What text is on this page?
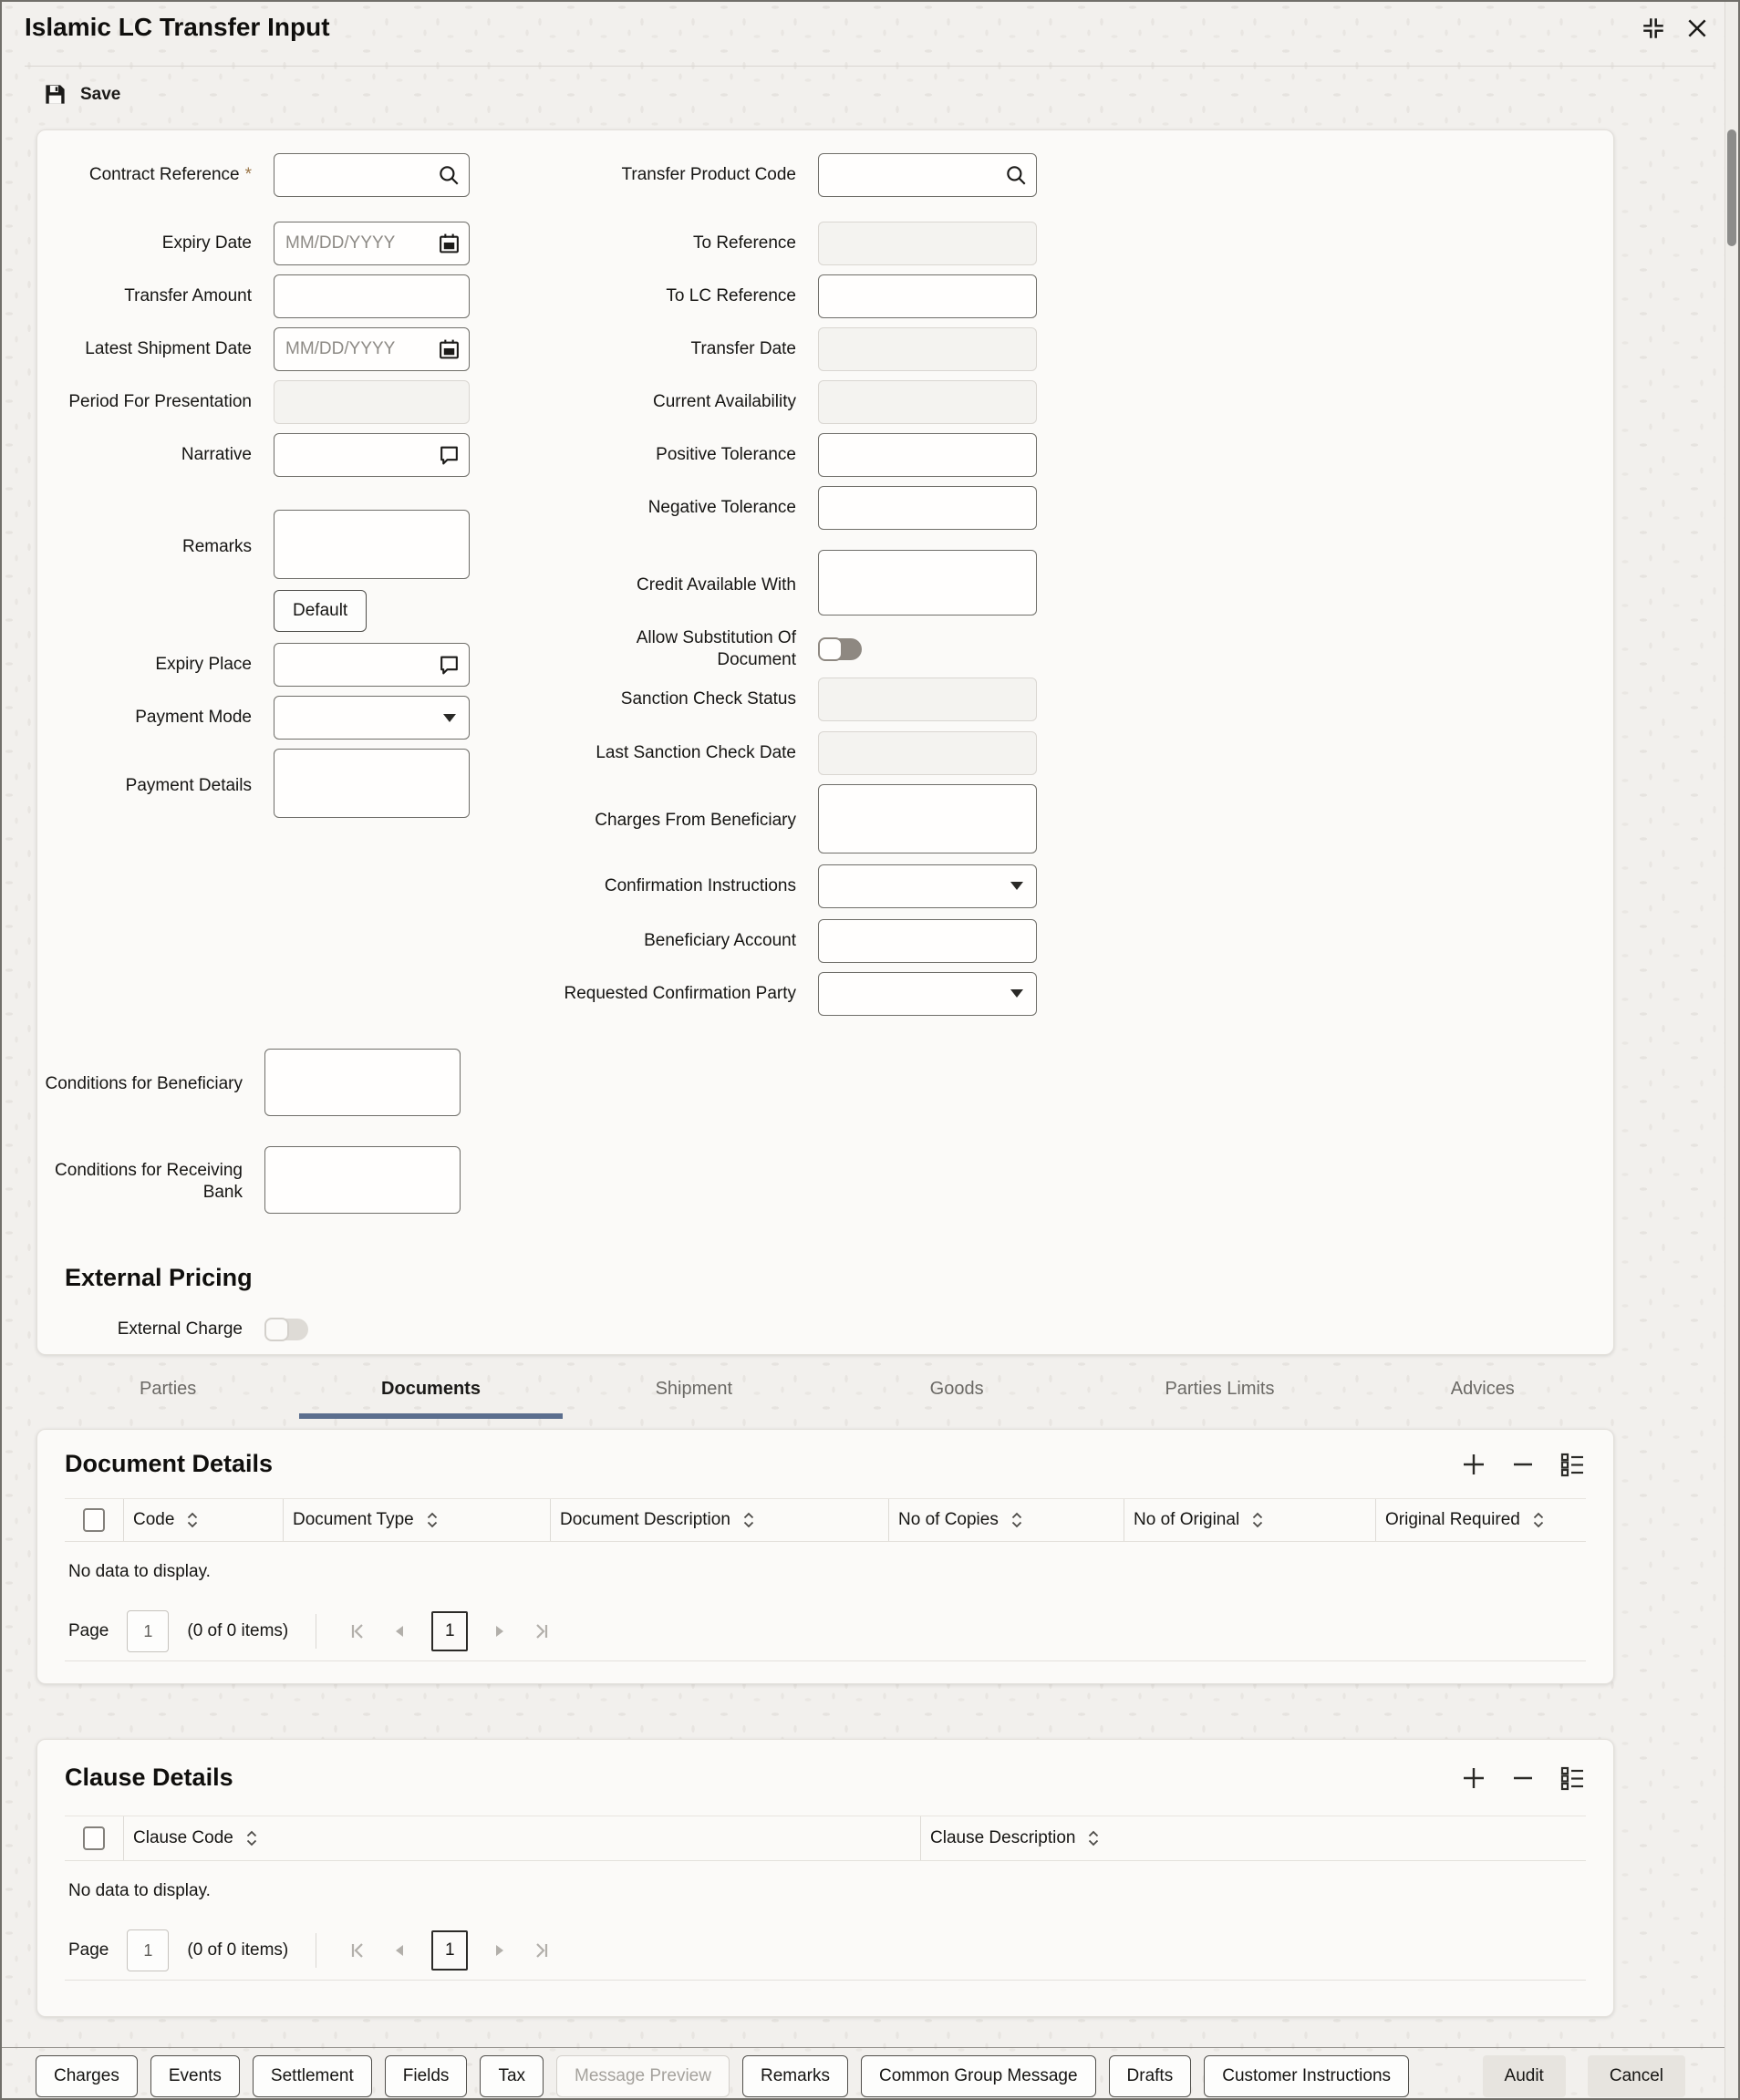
Islamic LC Transfer Input
Save
Contract Reference *
Expiry Date
MM/DD/YYYY
Transfer Amount
Latest Shipment Date
MM/DD/YYYY
Period For Presentation
Narrative
Remarks
Default
Expiry Place
Payment Mode
Payment Details
Transfer Product Code
To Reference
To LC Reference
Transfer Date
Current Availability
Positive Tolerance
Negative Tolerance
Credit Available With
Allow Substitution Of Document
Sanction Check Status
Last Sanction Check Date
Charges From Beneficiary
Confirmation Instructions
Beneficiary Account
Requested Confirmation Party
Conditions for Beneficiary
Conditions for Receiving Bank
External Pricing
External Charge
Parties	Documents	Shipment	Goods	Parties Limits	Advices
Document Details
Code	Document Type	Document Description	No of Copies	No of Original	Original Required
No data to display.
Page
1	(0 of 0 items)	1
Clause Details
Clause Code	Clause Description
No data to display.
Page
1	(0 of 0 items)	1
Charges	Events	Settlement	Fields	Tax	Message Preview	Remarks	Common Group Message	Drafts	Customer Instructions	Audit	Cancel
